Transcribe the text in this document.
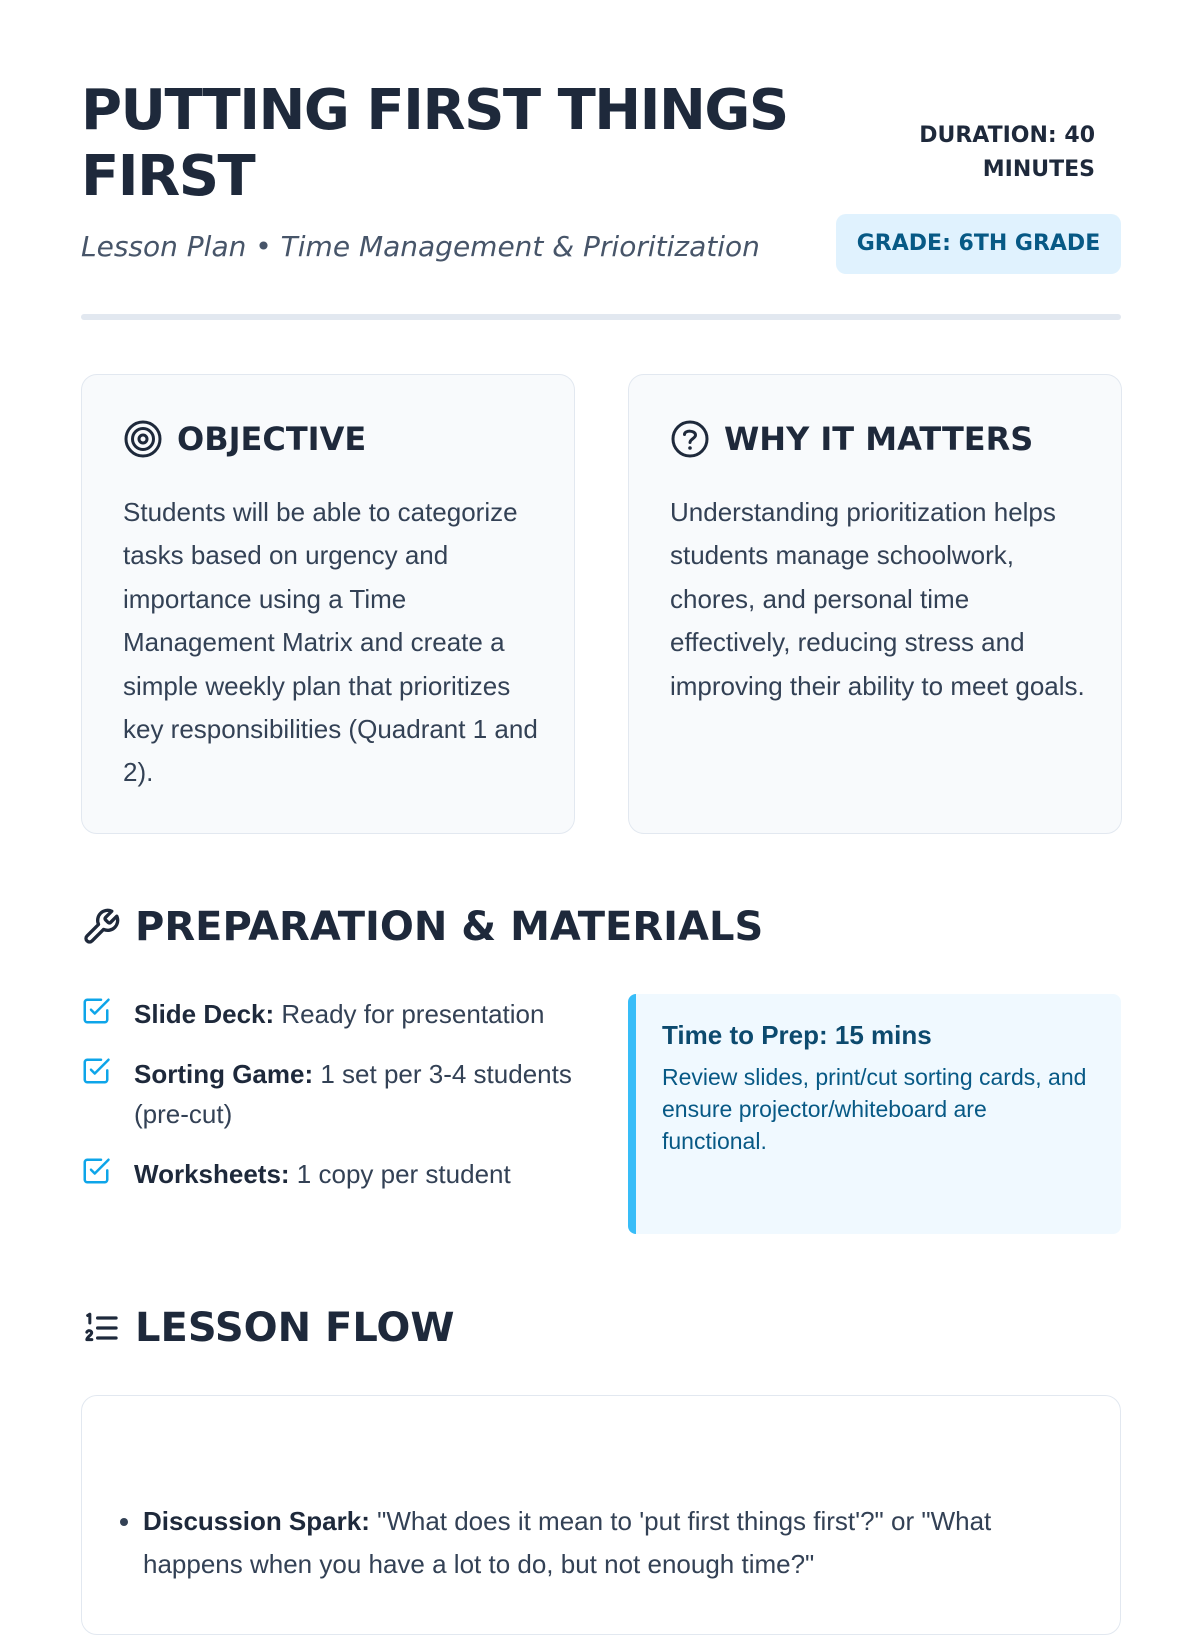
PUTTING FIRST THINGS FIRST
Lesson Plan • Time Management & Prioritization
DURATION: 40 MINUTES
GRADE: 6TH GRADE
OBJECTIVE

Students will be able to categorize tasks based on urgency and importance using a Time Management Matrix and create a simple weekly plan that prioritizes key responsibilities (Quadrant 1 and 2).

WHY IT MATTERS

Understanding prioritization helps students manage schoolwork, chores, and personal time effectively, reducing stress and improving their ability to meet goals.

PREPARATION & MATERIALS
Slide Deck: Ready for presentation
Sorting Game: 1 set per 3-4 students (pre-cut)
Worksheets: 1 copy per student
Time to Prep: 15 mins
Review slides, print/cut sorting cards, and ensure projector/whiteboard are functional.
LESSON FLOW
• Discussion Spark: "What does it mean to 'put first things first'?" or "What happens when you have a lot to do, but not enough time?"
